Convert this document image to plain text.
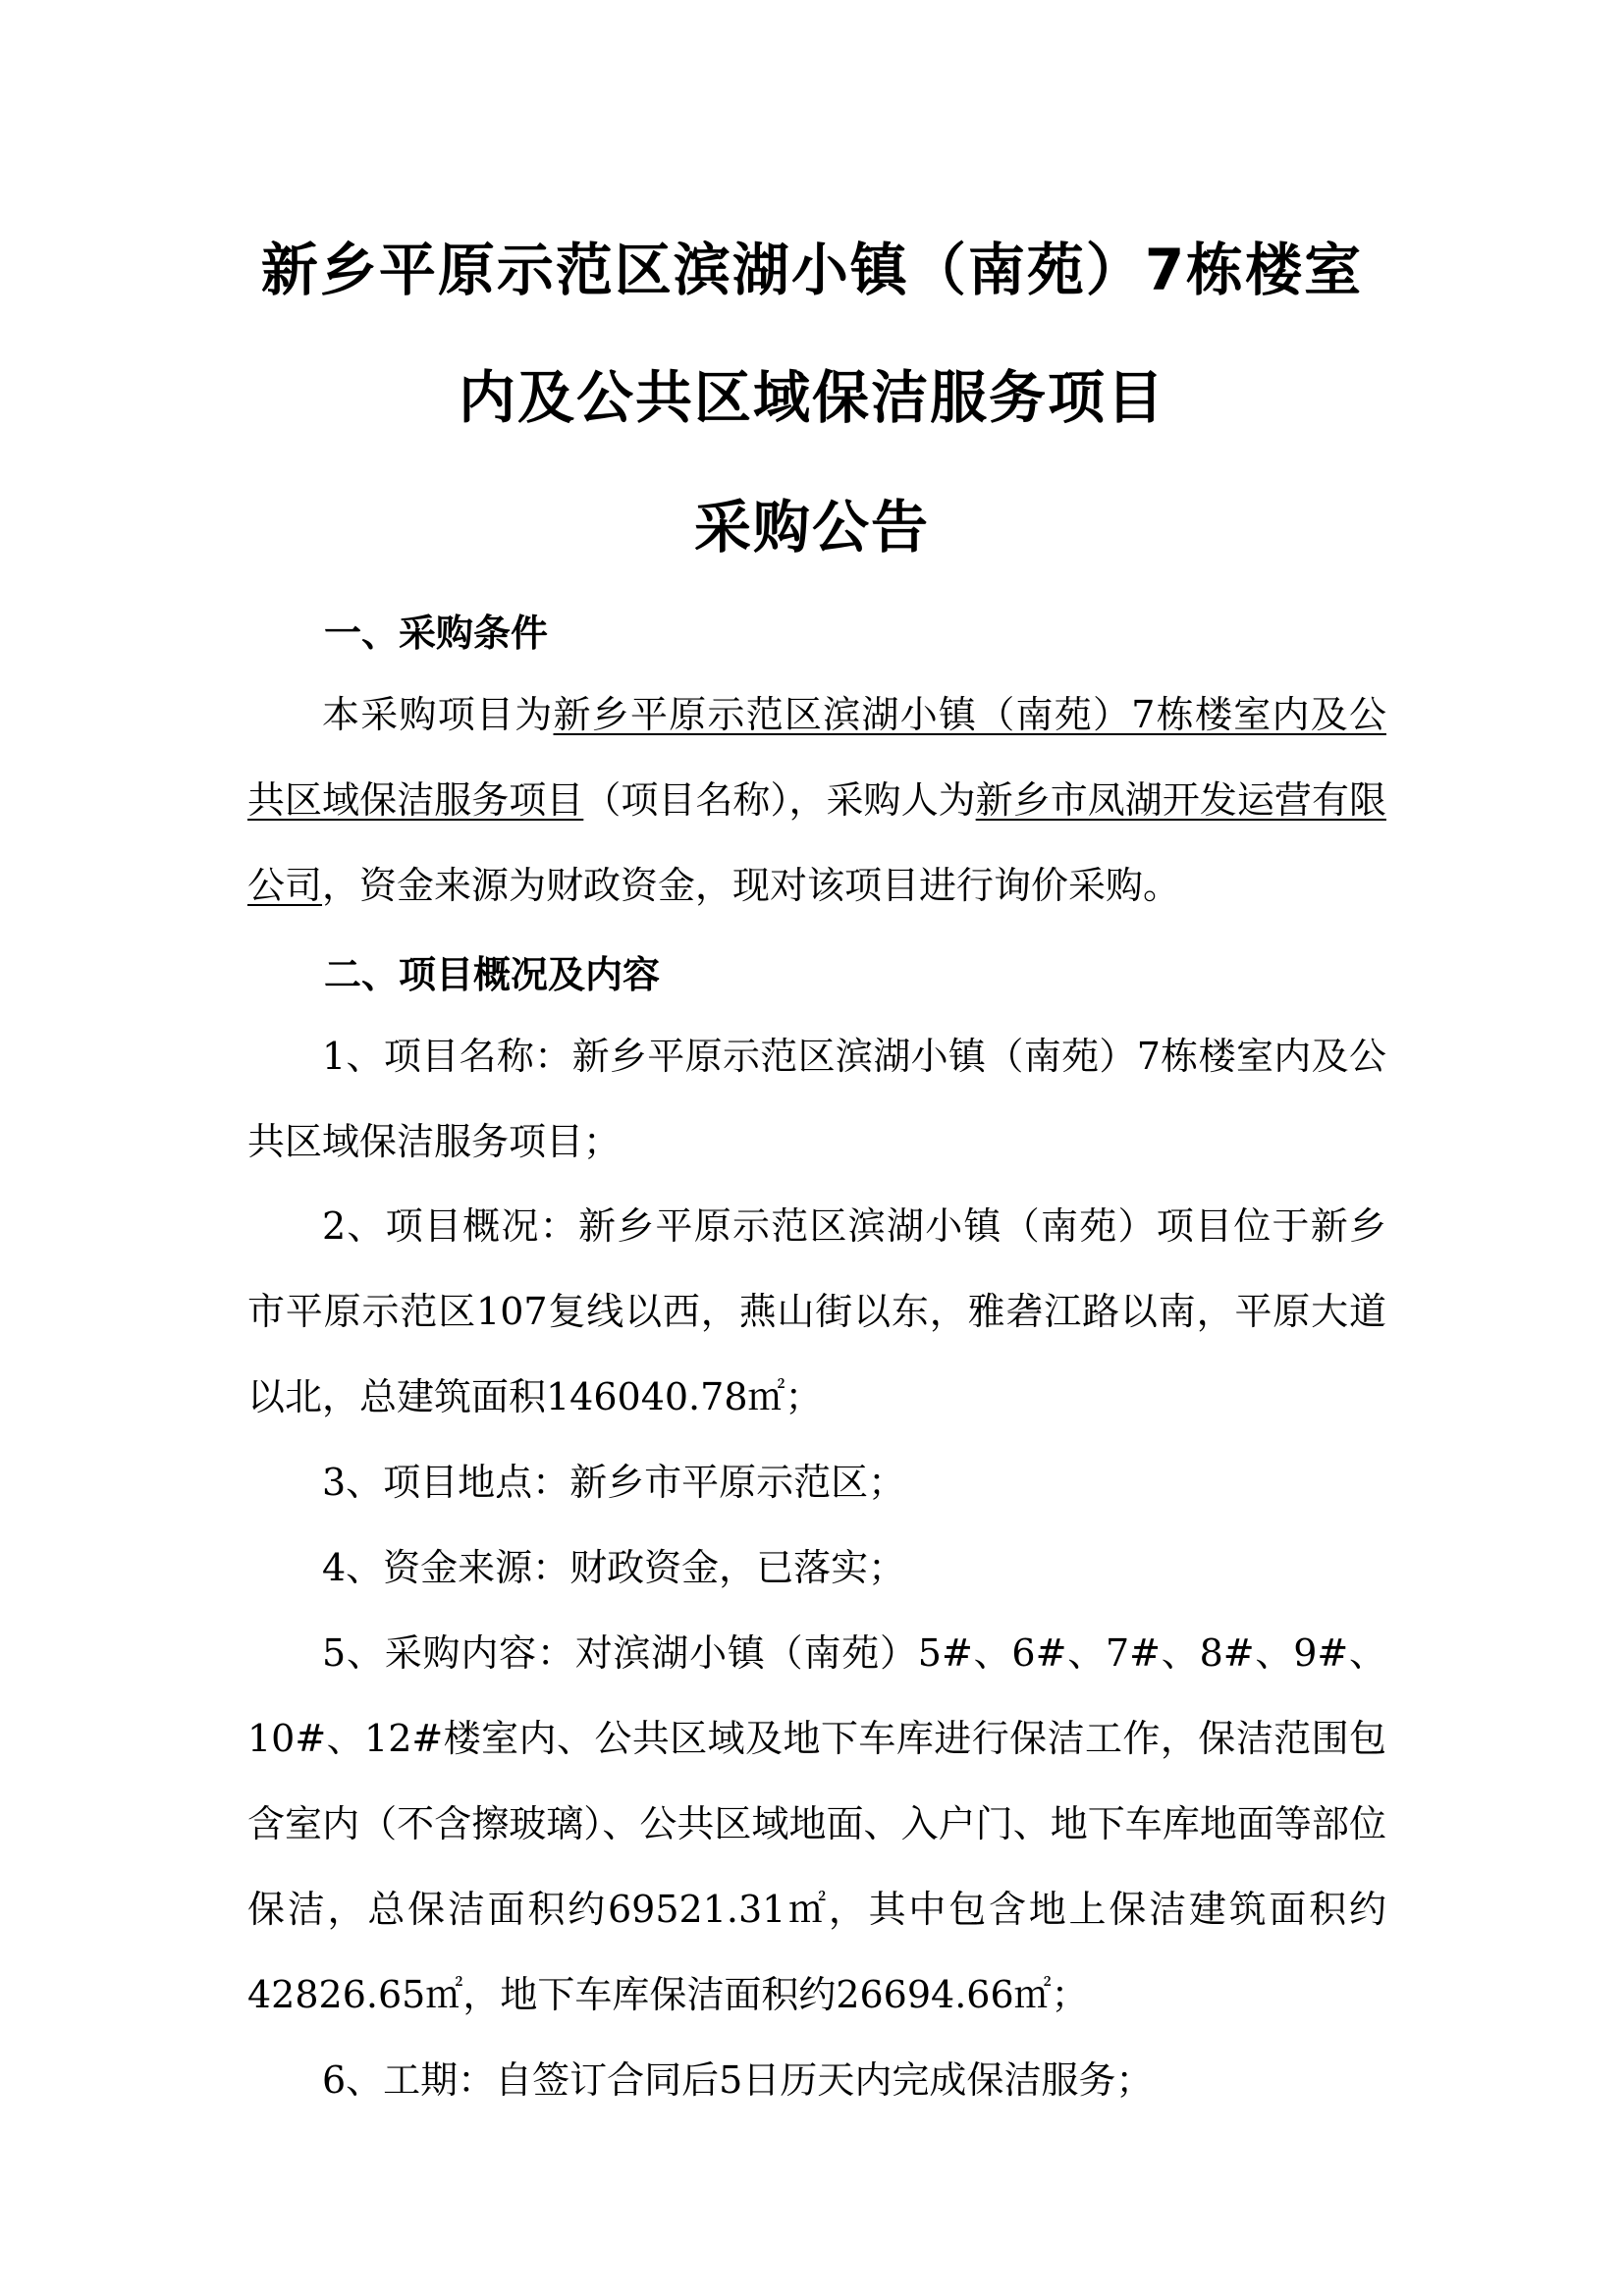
新乡平原示范区滨湖小镇（南苑）7栋楼室
内及公共区域保洁服务项目
采购公告
一、采购条件

本采购项目为新乡平原示范区滨湖小镇（南苑）7栋楼室内及公共区域保洁服务项目（项目名称），采购人为新乡市凤湖开发运营有限公司，资金来源为财政资金，现对该项目进行询价采购。

二、项目概况及内容

1、项目名称：新乡平原示范区滨湖小镇（南苑）7栋楼室内及公共区域保洁服务项目；

2、项目概况：新乡平原示范区滨湖小镇（南苑）项目位于新乡市平原示范区107复线以西，燕山街以东，雅砻江路以南，平原大道以北，总建筑面积146040.78㎡；

3、项目地点：新乡市平原示范区；

4、资金来源：财政资金，已落实；

5、采购内容：对滨湖小镇（南苑）5#、6#、7#、8#、9#、10#、12#楼室内、公共区域及地下车库进行保洁工作，保洁范围包含室内（不含擦玻璃）、公共区域地面、入户门、地下车库地面等部位保洁，总保洁面积约69521.31㎡，其中包含地上保洁建筑面积约42826.65㎡，地下车库保洁面积约26694.66㎡；

6、工期：自签订合同后5日历天内完成保洁服务；
